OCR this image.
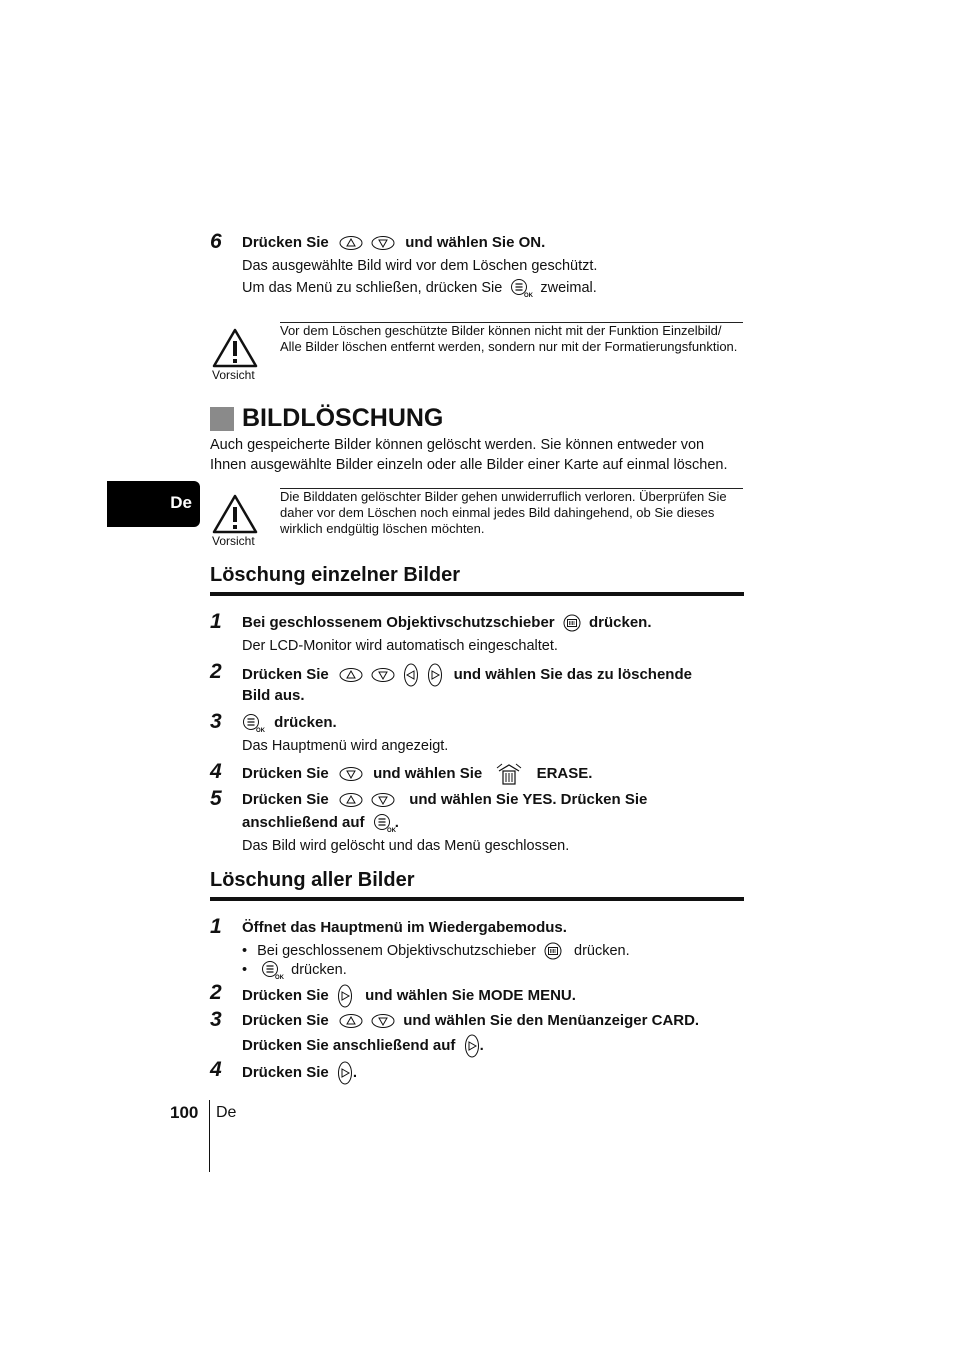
6	Drücken Sie
	und wählen Sie ON.
Das ausgewählte Bild wird vor dem Löschen geschützt.
Um das Menü zu schließen, drücken Sie
OK
zweimal.
Vorsicht
Vor dem Löschen geschützte Bilder können nicht mit der Funktion Einzelbild/ Alle Bilder löschen entfernt werden, sondern nur mit der Formatierungsfunktion.
BILDLÖSCHUNG
Auch gespeicherte Bilder können gelöscht werden. Sie können entweder von
Ihnen ausgewählte Bilder einzeln oder alle Bilder einer Karte auf einmal löschen.
De
Vorsicht
Die Bilddaten gelöschter Bilder gehen unwiderruflich verloren. Überprüfen Sie daher vor dem Löschen noch einmal jedes Bild dahingehend, ob Sie dieses wirklich endgültig löschen möchten.
Löschung einzelner Bilder
1	Bei geschlossenem Objektivschutzschieber drücken.
Der LCD-Monitor wird automatisch eingeschaltet.
2	Drücken Sie

	und wählen Sie das zu löschende
Bild aus.
3	OK
drücken.
Das Hauptmenü wird angezeigt.
4	Drücken Sie	und wählen Sie	ERASE.
5	Drücken Sie
	und wählen Sie YES. Drücken Sie
anschließend auf
OK
.
Das Bild wird gelöscht und das Menü geschlossen.
Löschung aller Bilder
1	Öffnet das Hauptmenü im Wiedergabemodus.
• Bei geschlossenem Objektivschutzschieber	drücken.
•
OK
drücken.
2	Drücken Sie und wählen Sie MODE MENU.
3	Drücken Sie
	und wählen Sie den Menüanzeiger CARD.
Drücken Sie anschließend auf .
4	Drücken Sie .
100 De
